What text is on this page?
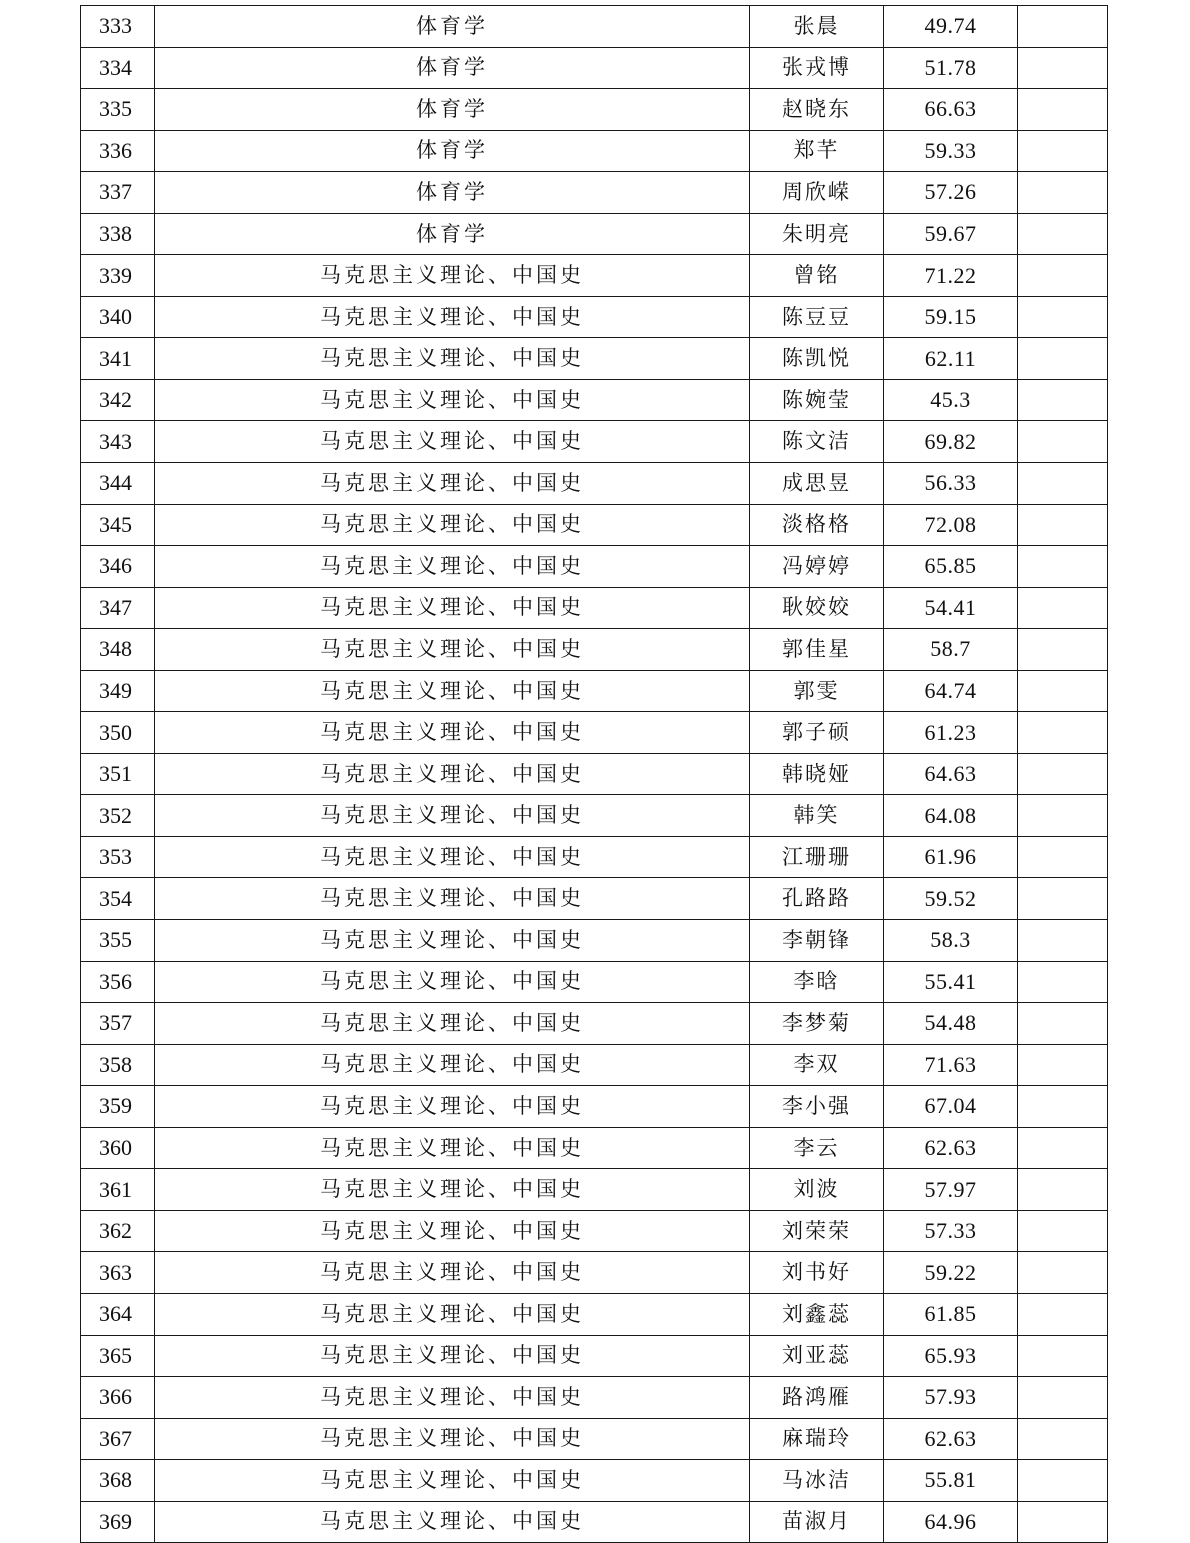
333	体育学	张晨	49.74	
334	体育学	张戎博	51.78	
335	体育学	赵晓东	66.63	
336	体育学	郑芊	59.33	
337	体育学	周欣嵘	57.26	
338	体育学	朱明亮	59.67	
339	马克思主义理论、中国史	曾铭	71.22	
340	马克思主义理论、中国史	陈豆豆	59.15	
341	马克思主义理论、中国史	陈凯悦	62.11	
342	马克思主义理论、中国史	陈婉莹	45.3	
343	马克思主义理论、中国史	陈文洁	69.82	
344	马克思主义理论、中国史	成思昱	56.33	
345	马克思主义理论、中国史	淡格格	72.08	
346	马克思主义理论、中国史	冯婷婷	65.85	
347	马克思主义理论、中国史	耿姣姣	54.41	
348	马克思主义理论、中国史	郭佳星	58.7	
349	马克思主义理论、中国史	郭雯	64.74	
350	马克思主义理论、中国史	郭子硕	61.23	
351	马克思主义理论、中国史	韩晓娅	64.63	
352	马克思主义理论、中国史	韩笑	64.08	
353	马克思主义理论、中国史	江珊珊	61.96	
354	马克思主义理论、中国史	孔路路	59.52	
355	马克思主义理论、中国史	李朝锋	58.3	
356	马克思主义理论、中国史	李晗	55.41	
357	马克思主义理论、中国史	李梦菊	54.48	
358	马克思主义理论、中国史	李双	71.63	
359	马克思主义理论、中国史	李小强	67.04	
360	马克思主义理论、中国史	李云	62.63	
361	马克思主义理论、中国史	刘波	57.97	
362	马克思主义理论、中国史	刘荣荣	57.33	
363	马克思主义理论、中国史	刘书好	59.22	
364	马克思主义理论、中国史	刘鑫蕊	61.85	
365	马克思主义理论、中国史	刘亚蕊	65.93	
366	马克思主义理论、中国史	路鸿雁	57.93	
367	马克思主义理论、中国史	麻瑞玲	62.63	
368	马克思主义理论、中国史	马冰洁	55.81	
369	马克思主义理论、中国史	苗淑月	64.96	
